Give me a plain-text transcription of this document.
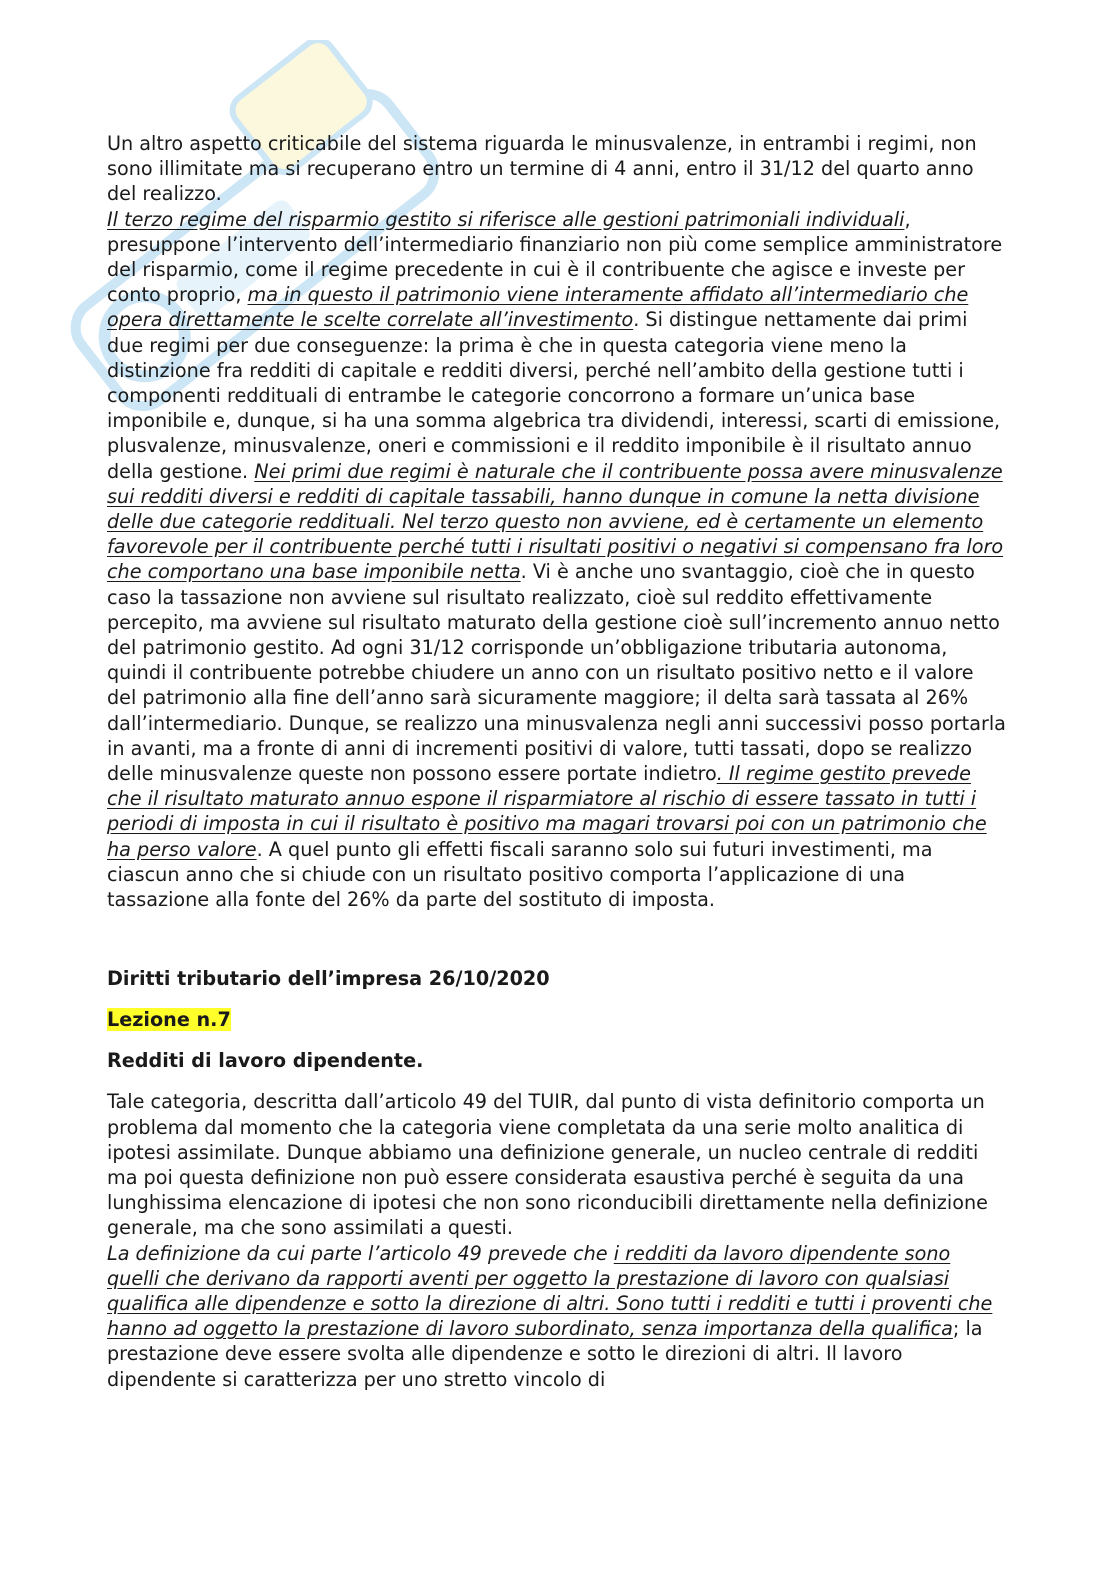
Un altro aspetto criticabile del sistema riguarda le minusvalenze, in entrambi i regimi, non sono illimitate ma si recuperano entro un termine di 4 anni, entro il 31/12 del quarto anno del realizzo.
Il terzo regime del risparmio gestito si riferisce alle gestioni patrimoniali individuali, presuppone l’intervento dell’intermediario finanziario non più come semplice amministratore del risparmio, come il regime precedente in cui è il contribuente che agisce e investe per conto proprio, ma in questo il patrimonio viene interamente affidato all’intermediario che opera direttamente le scelte correlate all’investimento. Si distingue nettamente dai primi due regimi per due conseguenze: la prima è che in questa categoria viene meno la distinzione fra redditi di capitale e redditi diversi, perché nell’ambito della gestione tutti i componenti reddituali di entrambe le categorie concorrono a formare un’unica base imponibile e, dunque, si ha una somma algebrica tra dividendi, interessi, scarti di emissione, plusvalenze, minusvalenze, oneri e commissioni e il reddito imponibile è il risultato annuo della gestione. Nei primi due regimi è naturale che il contribuente possa avere minusvalenze sui redditi diversi e redditi di capitale tassabili, hanno dunque in comune la netta divisione delle due categorie reddituali. Nel terzo questo non avviene, ed è certamente un elemento favorevole per il contribuente perché tutti i risultati positivi o negativi si compensano fra loro che comportano una base imponibile netta. Vi è anche uno svantaggio, cioè che in questo caso la tassazione non avviene sul risultato realizzato, cioè sul reddito effettivamente percepito, ma avviene sul risultato maturato della gestione cioè sull’incremento annuo netto del patrimonio gestito. Ad ogni 31/12 corrisponde un’obbligazione tributaria autonoma, quindi il contribuente potrebbe chiudere un anno con un risultato positivo netto e il valore del patrimonio alla fine dell’anno sarà sicuramente maggiore; il delta sarà tassata al 26% dall’intermediario. Dunque, se realizzo una minusvalenza negli anni successivi posso portarla in avanti, ma a fronte di anni di incrementi positivi di valore, tutti tassati, dopo se realizzo delle minusvalenze queste non possono essere portate indietro. Il regime gestito prevede che il risultato maturato annuo espone il risparmiatore al rischio di essere tassato in tutti i periodi di imposta in cui il risultato è positivo ma magari trovarsi poi con un patrimonio che ha perso valore. A quel punto gli effetti fiscali saranno solo sui futuri investimenti, ma ciascun anno che si chiude con un risultato positivo comporta l’applicazione di una tassazione alla fonte del 26% da parte del sostituto di imposta.

Diritti tributario dell’impresa 26/10/2020

Lezione n.7

Redditi di lavoro dipendente.

Tale categoria, descritta dall’articolo 49 del TUIR, dal punto di vista definitorio comporta un problema dal momento che la categoria viene completata da una serie molto analitica di ipotesi assimilate. Dunque abbiamo una definizione generale, un nucleo centrale di redditi ma poi questa definizione non può essere considerata esaustiva perché è seguita da una lunghissima elencazione di ipotesi che non sono riconducibili direttamente nella definizione generale, ma che sono assimilati a questi.
La definizione da cui parte l’articolo 49 prevede che i redditi da lavoro dipendente sono quelli che derivano da rapporti aventi per oggetto la prestazione di lavoro con qualsiasi qualifica alle dipendenze e sotto la direzione di altri. Sono tutti i redditi e tutti i proventi che hanno ad oggetto la prestazione di lavoro subordinato, senza importanza della qualifica; la prestazione deve essere svolta alle dipendenze e sotto le direzioni di altri. Il lavoro dipendente si caratterizza per uno stretto vincolo di
